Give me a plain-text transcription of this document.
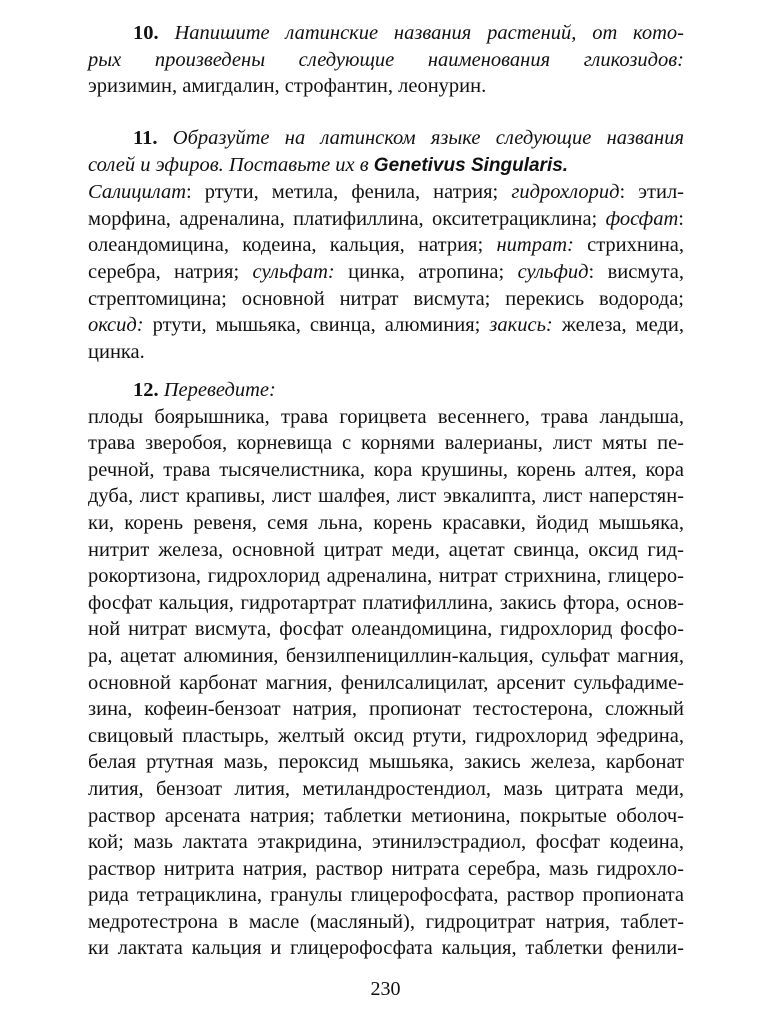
10. Напишите латинские названия растений, от кото-
рых произведены следующие наименования гликозидов:
эризимин, амигдалин, строфантин, леонурин.
11. Образуйте на латинском языке следующие названия
солей и эфиров. Поставьте их в Genetivus Singularis.
Салицилат: ртути, метила, фенила, натрия; гидрохлорид: этил-
морфина, адреналина, платифиллина, окситетрациклина; фосфат:
олеандомицина, кодеина, кальция, натрия; нитрат: стрихнина,
серебра, натрия; сульфат: цинка, атропина; сульфид: висмута,
стрептомицина; основной нитрат висмута; перекись водорода;
оксид: ртути, мышьяка, свинца, алюминия; закись: железа, меди,
цинка.
12. Переведите:
плоды боярышника, трава горицвета весеннего, трава ландыша,
трава зверобоя, корневища с корнями валерианы, лист мяты пе-
речной, трава тысячелистника, кора крушины, корень алтея, кора
дуба, лист крапивы, лист шалфея, лист эвкалипта, лист наперстян-
ки, корень ревеня, семя льна, корень красавки, йодид мышьяка,
нитрит железа, основной цитрат меди, ацетат свинца, оксид гид-
рокортизона, гидрохлорид адреналина, нитрат стрихнина, глицеро-
фосфат кальция, гидротартрат платифиллина, закись фтора, основ-
ной нитрат висмута, фосфат олеандомицина, гидрохлорид фосфо-
ра, ацетат алюминия, бензилпенициллин-кальция, сульфат магния,
основной карбонат магния, фенилсалицилат, арсенит сульфадиме-
зина, кофеин-бензоат натрия, пропионат тестостерона, сложный
свицовый пластырь, желтый оксид ртути, гидрохлорид эфедрина,
белая ртутная мазь, пероксид мышьяка, закись железа, карбонат
лития, бензоат лития, метиландростендиол, мазь цитрата меди,
раствор арсената натрия; таблетки метионина, покрытые оболоч-
кой; мазь лактата этакридина, этинилэстрадиол, фосфат кодеина,
раствор нитрита натрия, раствор нитрата серебра, мазь гидрохло-
рида тетрациклина, гранулы глицерофосфата, раствор пропионата
медротестрона в масле (масляный), гидроцитрат натрия, таблет-
ки лактата кальция и глицерофосфата кальция, таблетки фенили-
230
